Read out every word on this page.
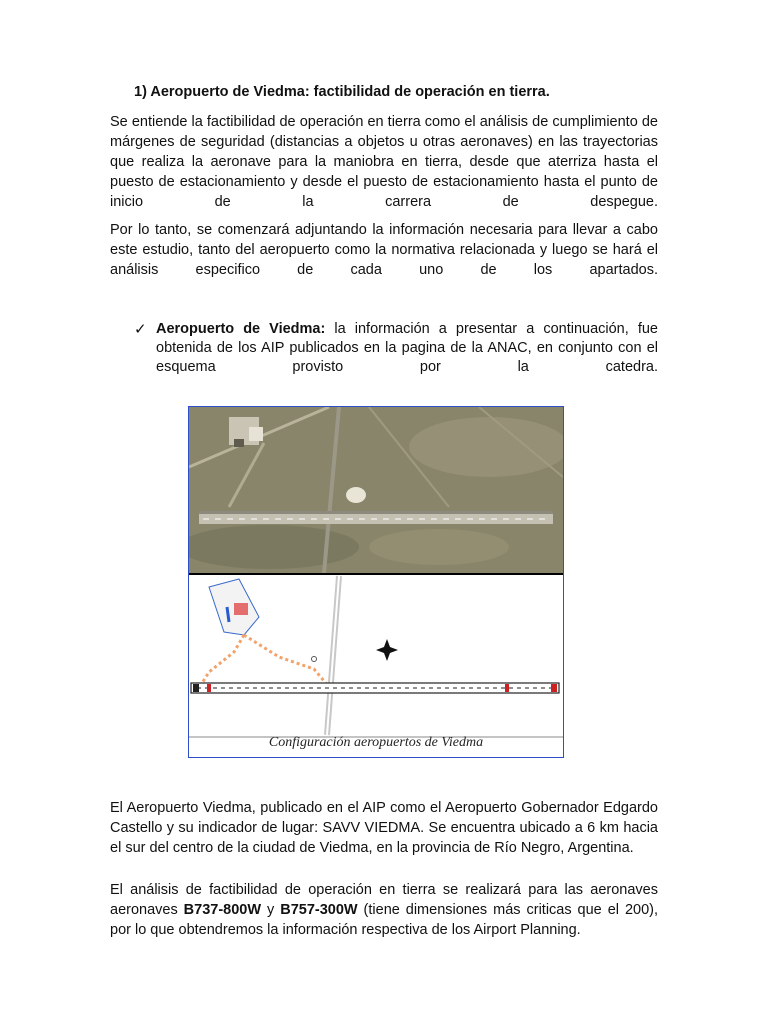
1) Aeropuerto de Viedma: factibilidad de operación en tierra.

Se entiende la factibilidad de operación en tierra como el análisis de cumplimiento de márgenes de seguridad (distancias a objetos u otras aeronaves) en las trayectorias que realiza la aeronave para la maniobra en tierra, desde que aterriza hasta el puesto de estacionamiento y desde el puesto de estacionamiento hasta el punto de inicio de la carrera de despegue.

Por lo tanto, se comenzará adjuntando la información necesaria para llevar a cabo este estudio, tanto del aeropuerto como la normativa relacionada y luego se hará el análisis especifico de cada uno de los apartados.

✓ Aeropuerto de Viedma: la información a presentar a continuación, fue obtenida de los AIP publicados en la pagina de la ANAC, en conjunto con el esquema provisto por la catedra.

Configuración aeropuertos de Viedma

El Aeropuerto Viedma, publicado en el AIP como el Aeropuerto Gobernador Edgardo Castello y su indicador de lugar: SAVV VIEDMA. Se encuentra ubicado a 6 km hacia el sur del centro de la ciudad de Viedma, en la provincia de Río Negro, Argentina.

El análisis de factibilidad de operación en tierra se realizará para las aeronaves aeronaves B737-800W y B757-300W (tiene dimensiones más criticas que el 200), por lo que obtendremos la información respectiva de los Airport Planning.
